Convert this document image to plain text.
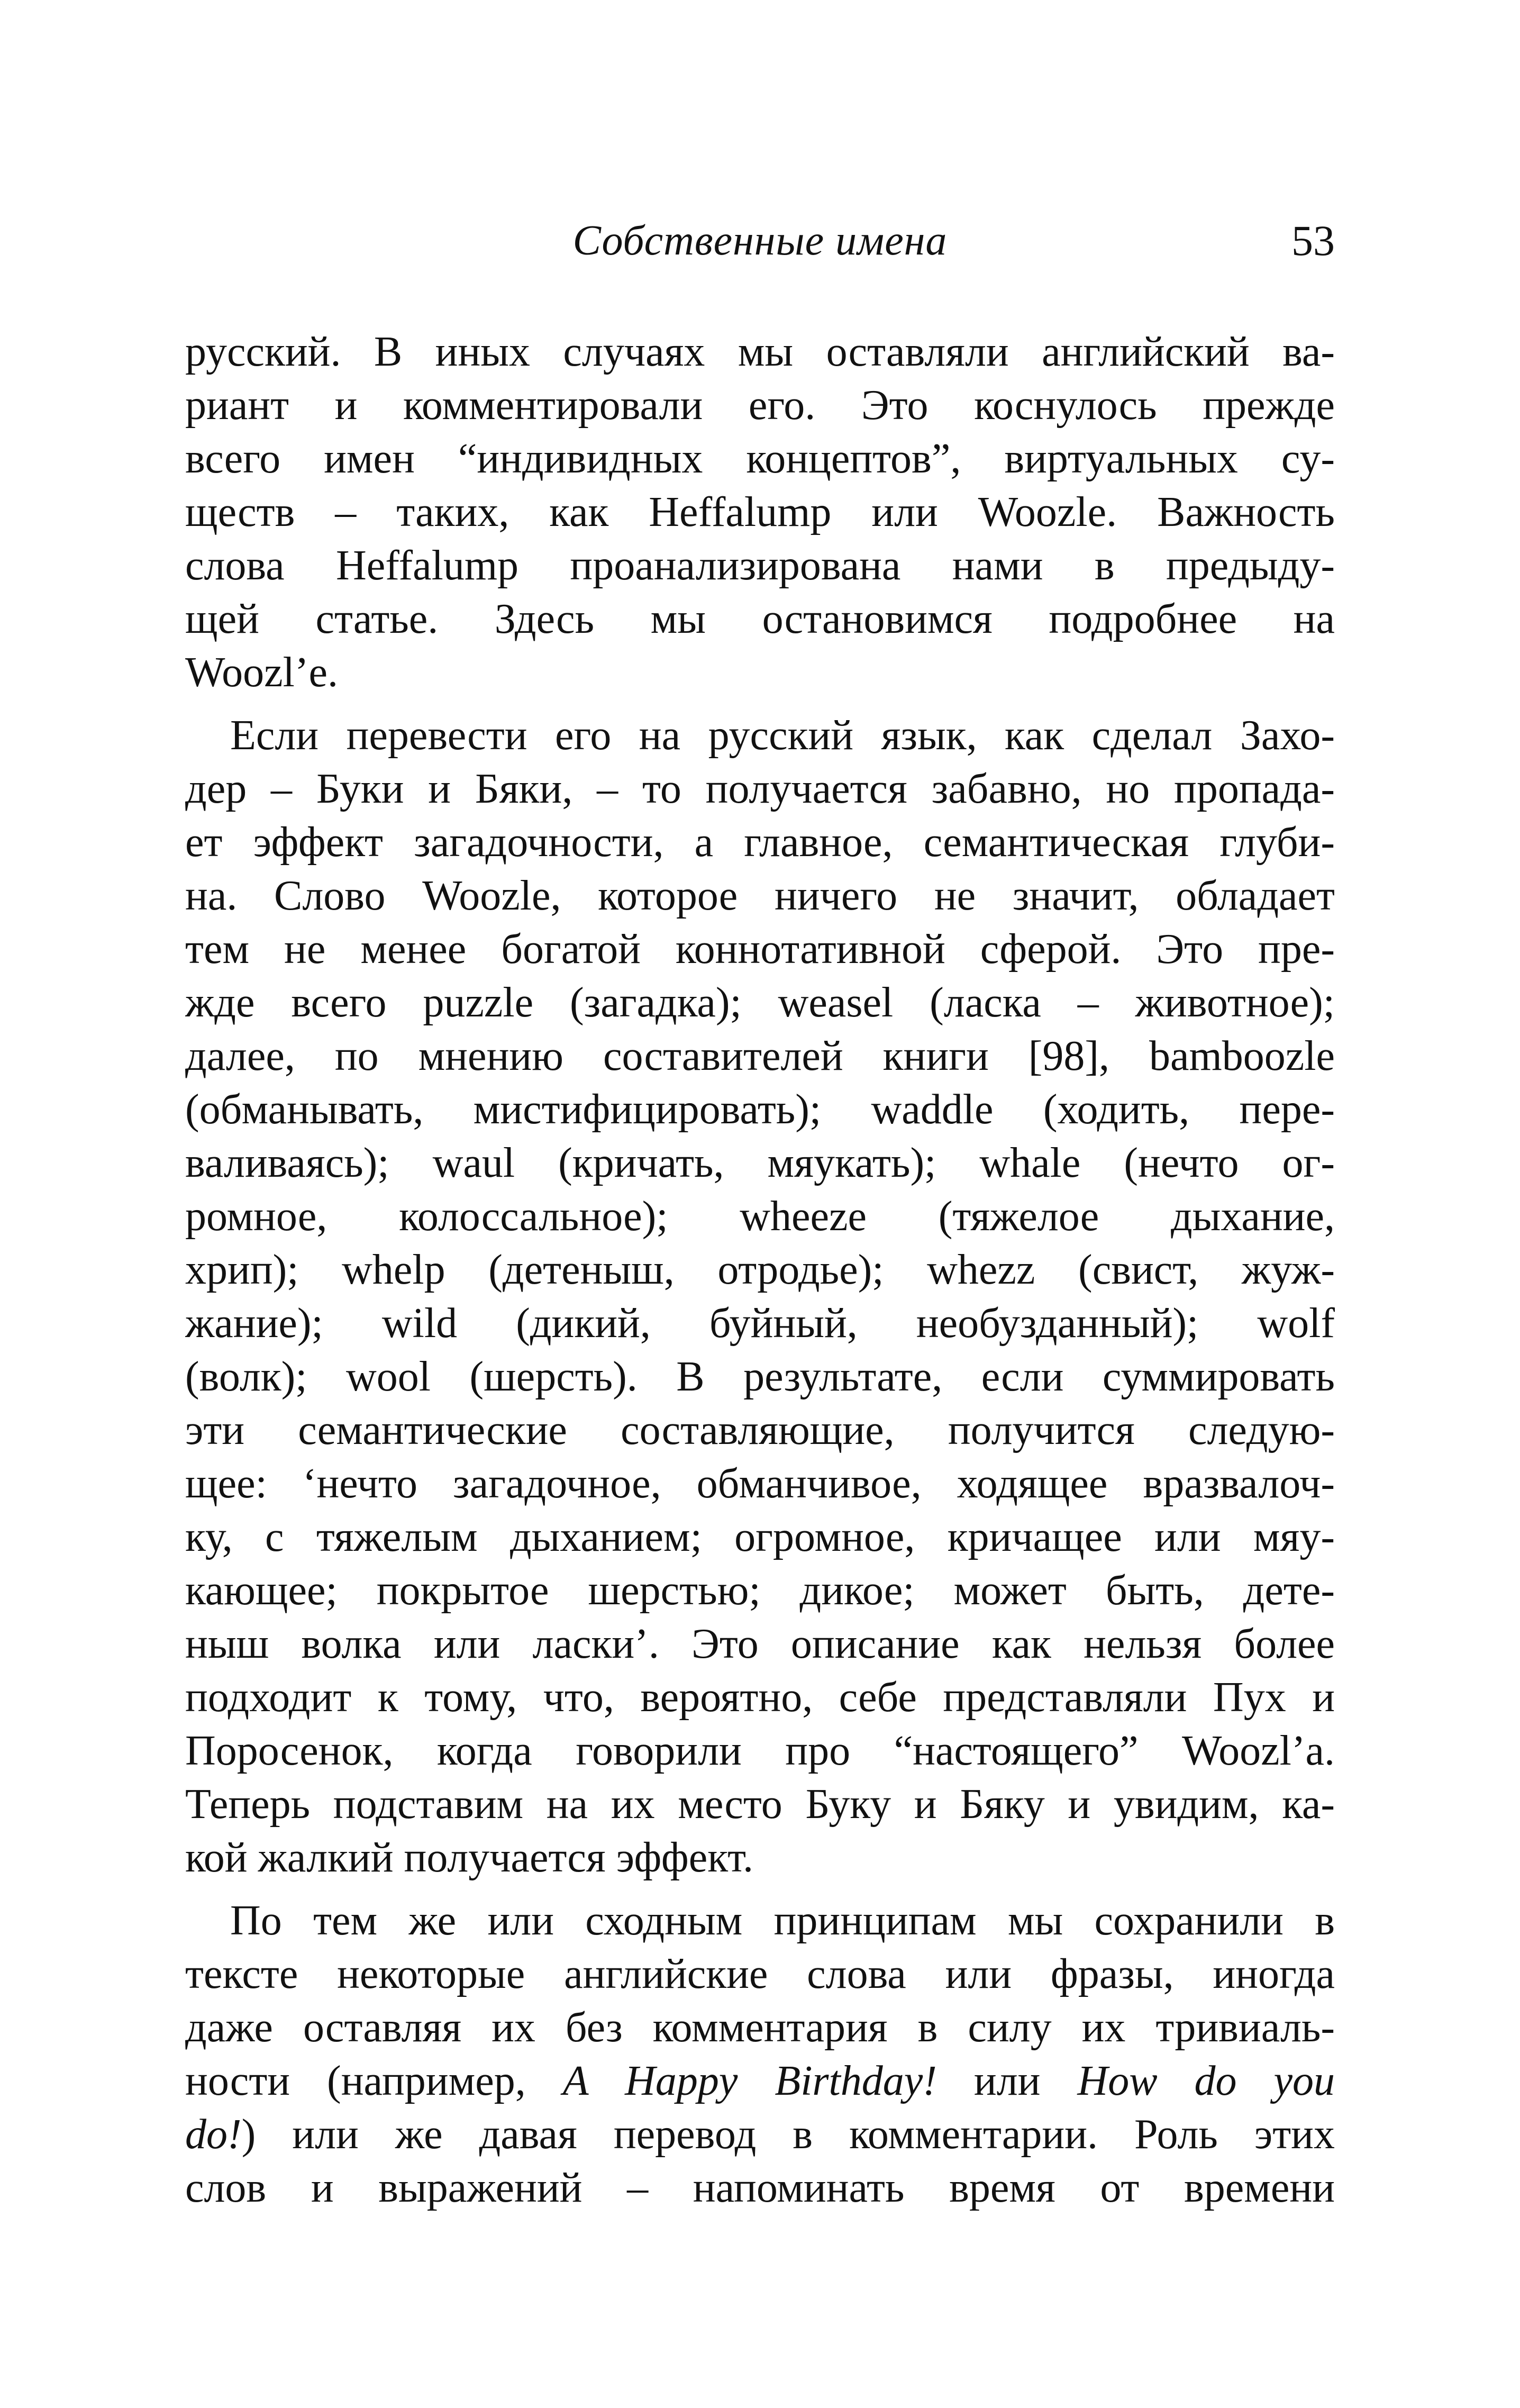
Собственные имена	53
русский. В иных случаях мы оставляли английский ва-
риант и комментировали его. Это коснулось прежде
всего имен “индивидных концептов”, виртуальных су-
ществ – таких, как Heffalump или Woozle. Важность
слова Heffalump проанализирована нами в предыду-
щей статье. Здесь мы остановимся подробнее на
Woozl’e.
Если перевести его на русский язык, как сделал Захо-
дер – Буки и Бяки, – то получается забавно, но пропада-
ет эффект загадочности, а главное, семантическая глуби-
на. Слово Woozle, которое ничего не значит, обладает
тем не менее богатой коннотативной сферой. Это пре-
жде всего puzzle (загадка); weasel (ласка – животное);
далее, по мнению составителей книги [98], bamboozle
(обманывать, мистифицировать); waddle (ходить, пере-
валиваясь); waul (кричать, мяукать); whale (нечто ог-
ромное, колоссальное); wheeze (тяжелое дыхание,
хрип); whelp (детеныш, отродье); whezz (свист, жуж-
жание); wild (дикий, буйный, необузданный); wolf
(волк); wool (шерсть). В результате, если суммировать
эти семантические составляющие, получится следую-
щее: ‘нечто загадочное, обманчивое, ходящее вразвалоч-
ку, с тяжелым дыханием; огромное, кричащее или мяу-
кающее; покрытое шерстью; дикое; может быть, дете-
ныш волка или ласки’. Это описание как нельзя более
подходит к тому, что, вероятно, себе представляли Пух и
Поросенок, когда говорили про “настоящего” Woozl’a.
Теперь подставим на их место Буку и Бяку и увидим, ка-
кой жалкий получается эффект.
По тем же или сходным принципам мы сохранили в
тексте некоторые английские слова или фразы, иногда
даже оставляя их без комментария в силу их тривиаль-
ности (например, A Happy Birthday! или How do you
do!) или же давая перевод в комментарии. Роль этих
слов и выражений – напоминать время от времени
